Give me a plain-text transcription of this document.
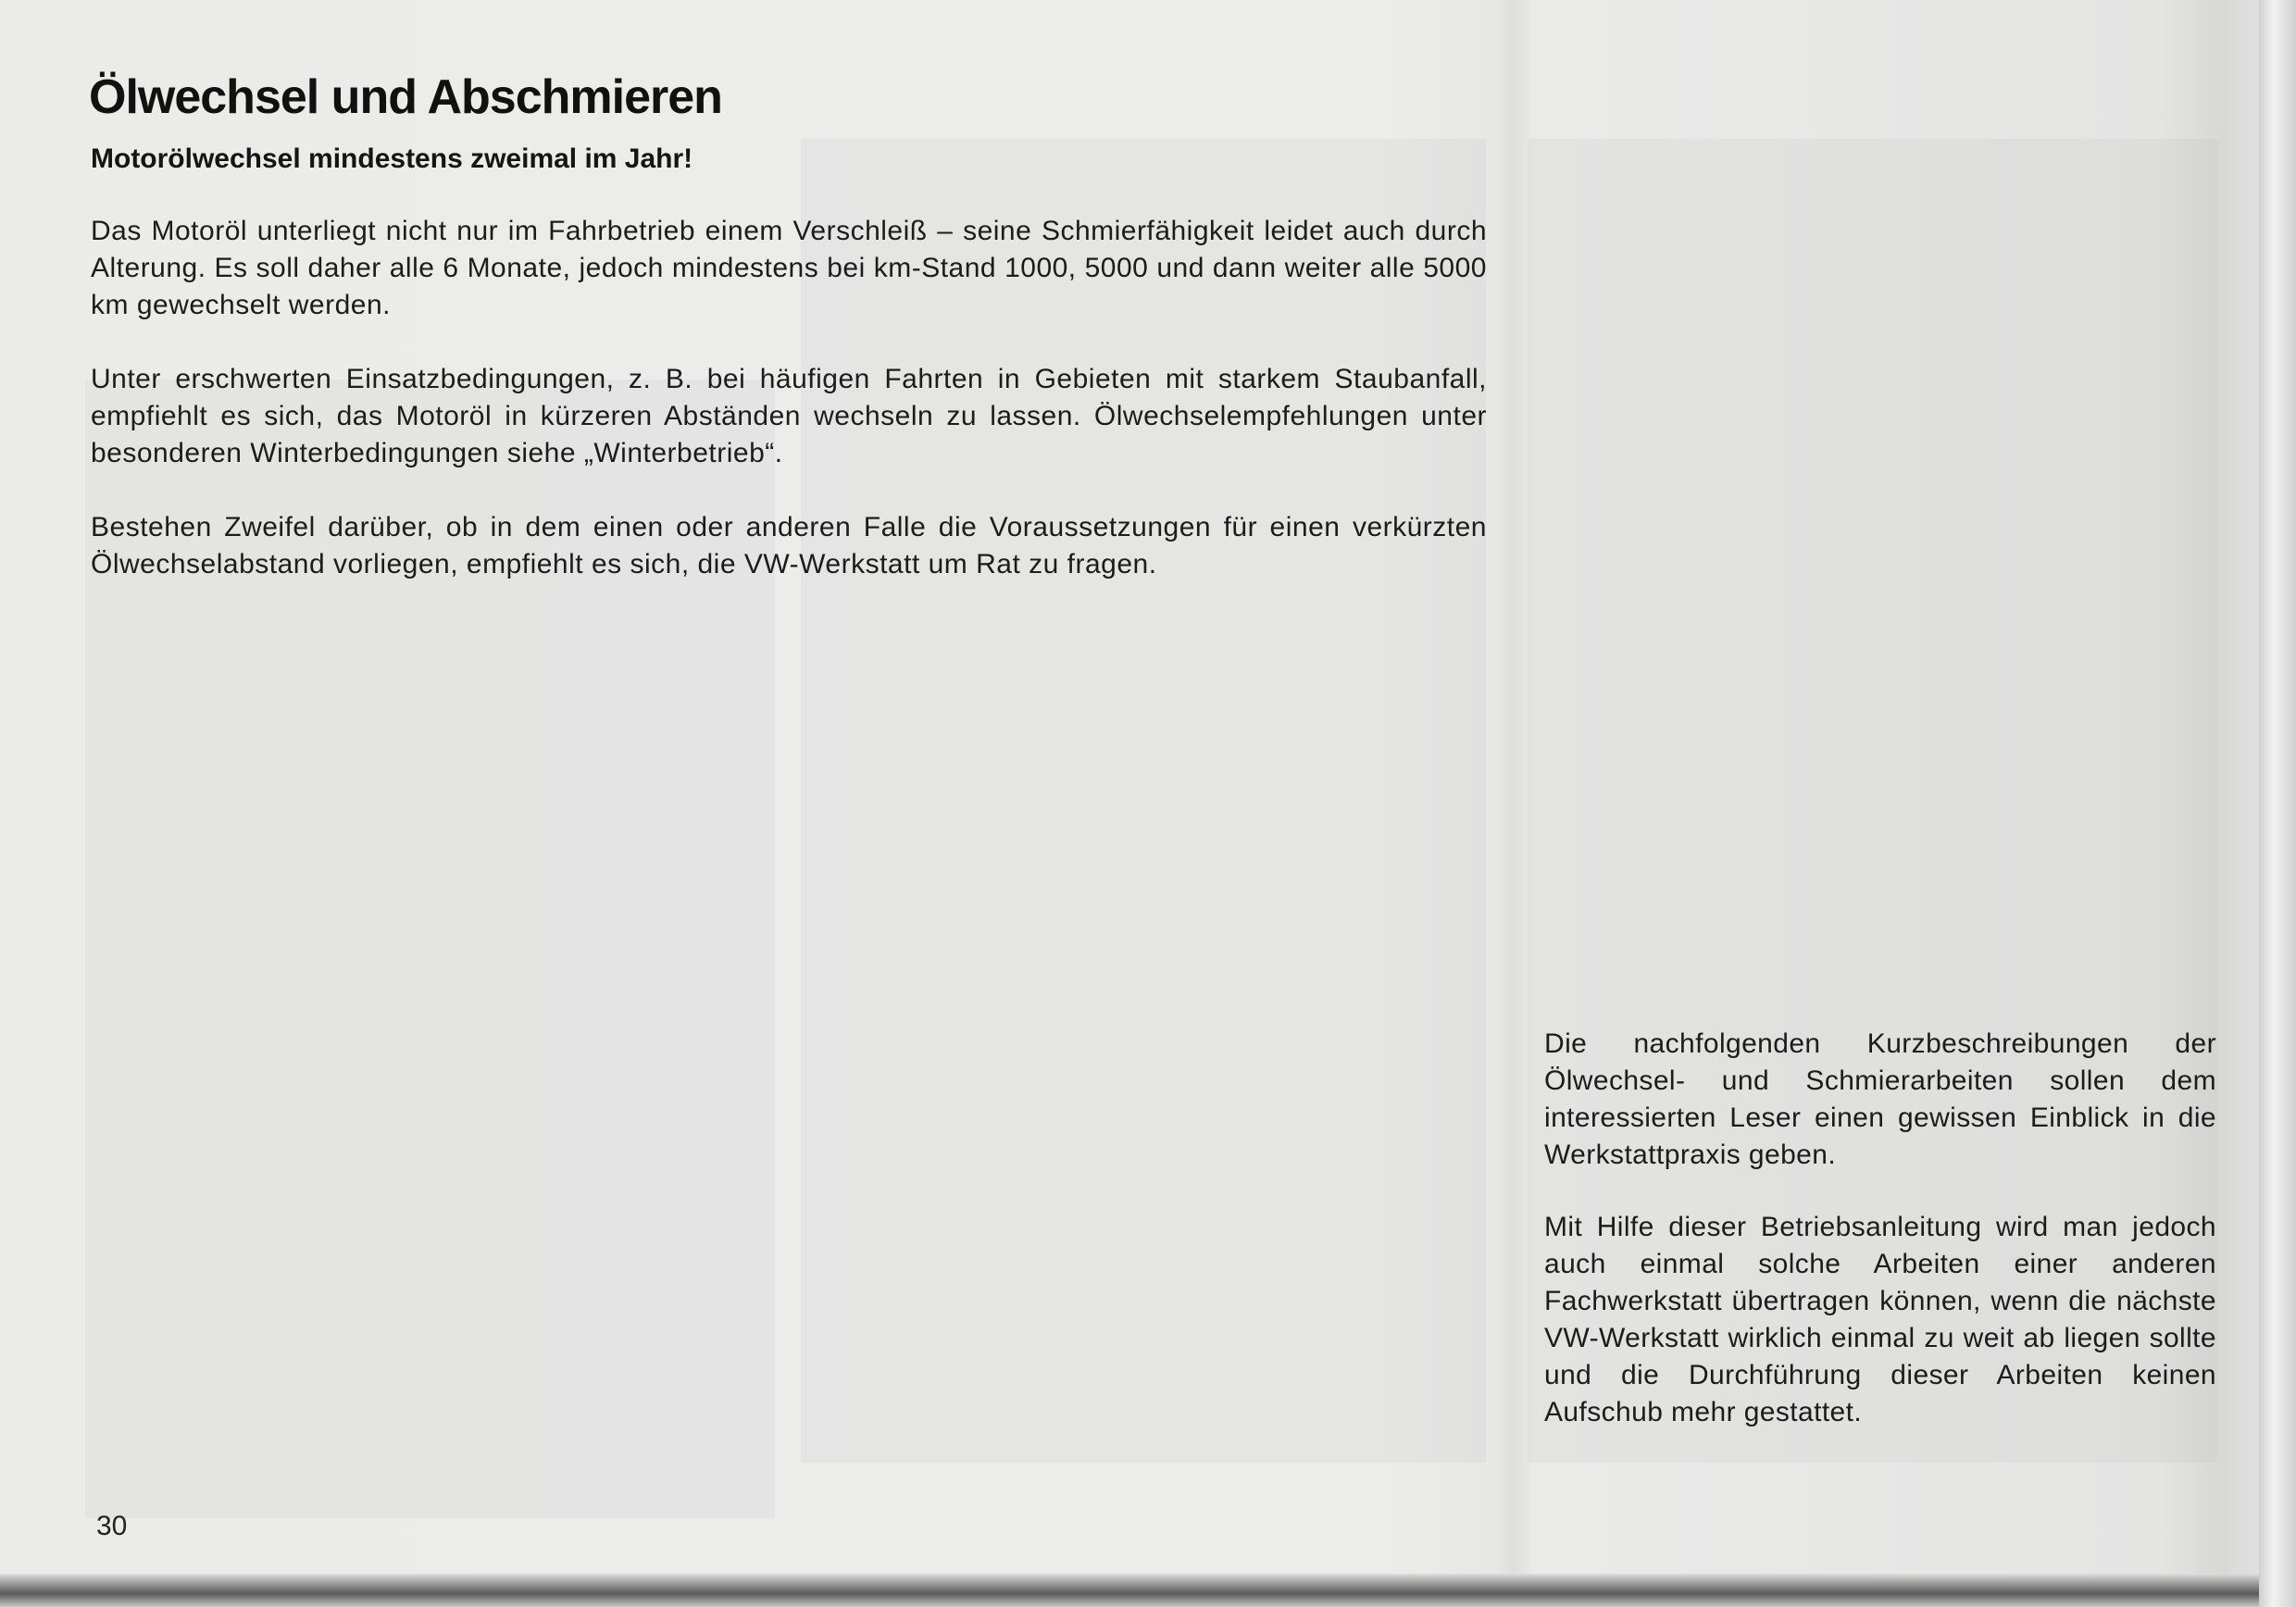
Ölwechsel und Abschmieren
Motorölwechsel mindestens zweimal im Jahr!

Das Motoröl unterliegt nicht nur im Fahrbetrieb einem Verschleiß – seine Schmierfähigkeit leidet auch durch Alterung. Es soll daher alle 6 Monate, jedoch mindestens bei km-Stand 1000, 5000 und dann weiter alle 5000 km gewechselt werden.

Unter erschwerten Einsatzbedingungen, z. B. bei häufigen Fahrten in Gebieten mit starkem Staubanfall, empfiehlt es sich, das Motoröl in kürzeren Abständen wechseln zu lassen. Ölwechselempfehlungen unter besonderen Winterbedingungen siehe „Winterbetrieb“.

Bestehen Zweifel darüber, ob in dem einen oder anderen Falle die Voraussetzungen für einen verkürzten Ölwechselabstand vorliegen, empfiehlt es sich, die VW-Werkstatt um Rat zu fragen.

Die nachfolgenden Kurzbeschreibungen der Ölwechsel- und Schmierarbeiten sollen dem interessierten Leser einen gewissen Einblick in die Werkstattpraxis geben.

Mit Hilfe dieser Betriebsanleitung wird man jedoch auch einmal solche Arbeiten einer anderen Fachwerkstatt übertragen können, wenn die nächste VW-Werkstatt wirklich einmal zu weit ab liegen sollte und die Durchführung dieser Arbeiten keinen Aufschub mehr gestattet.

30
